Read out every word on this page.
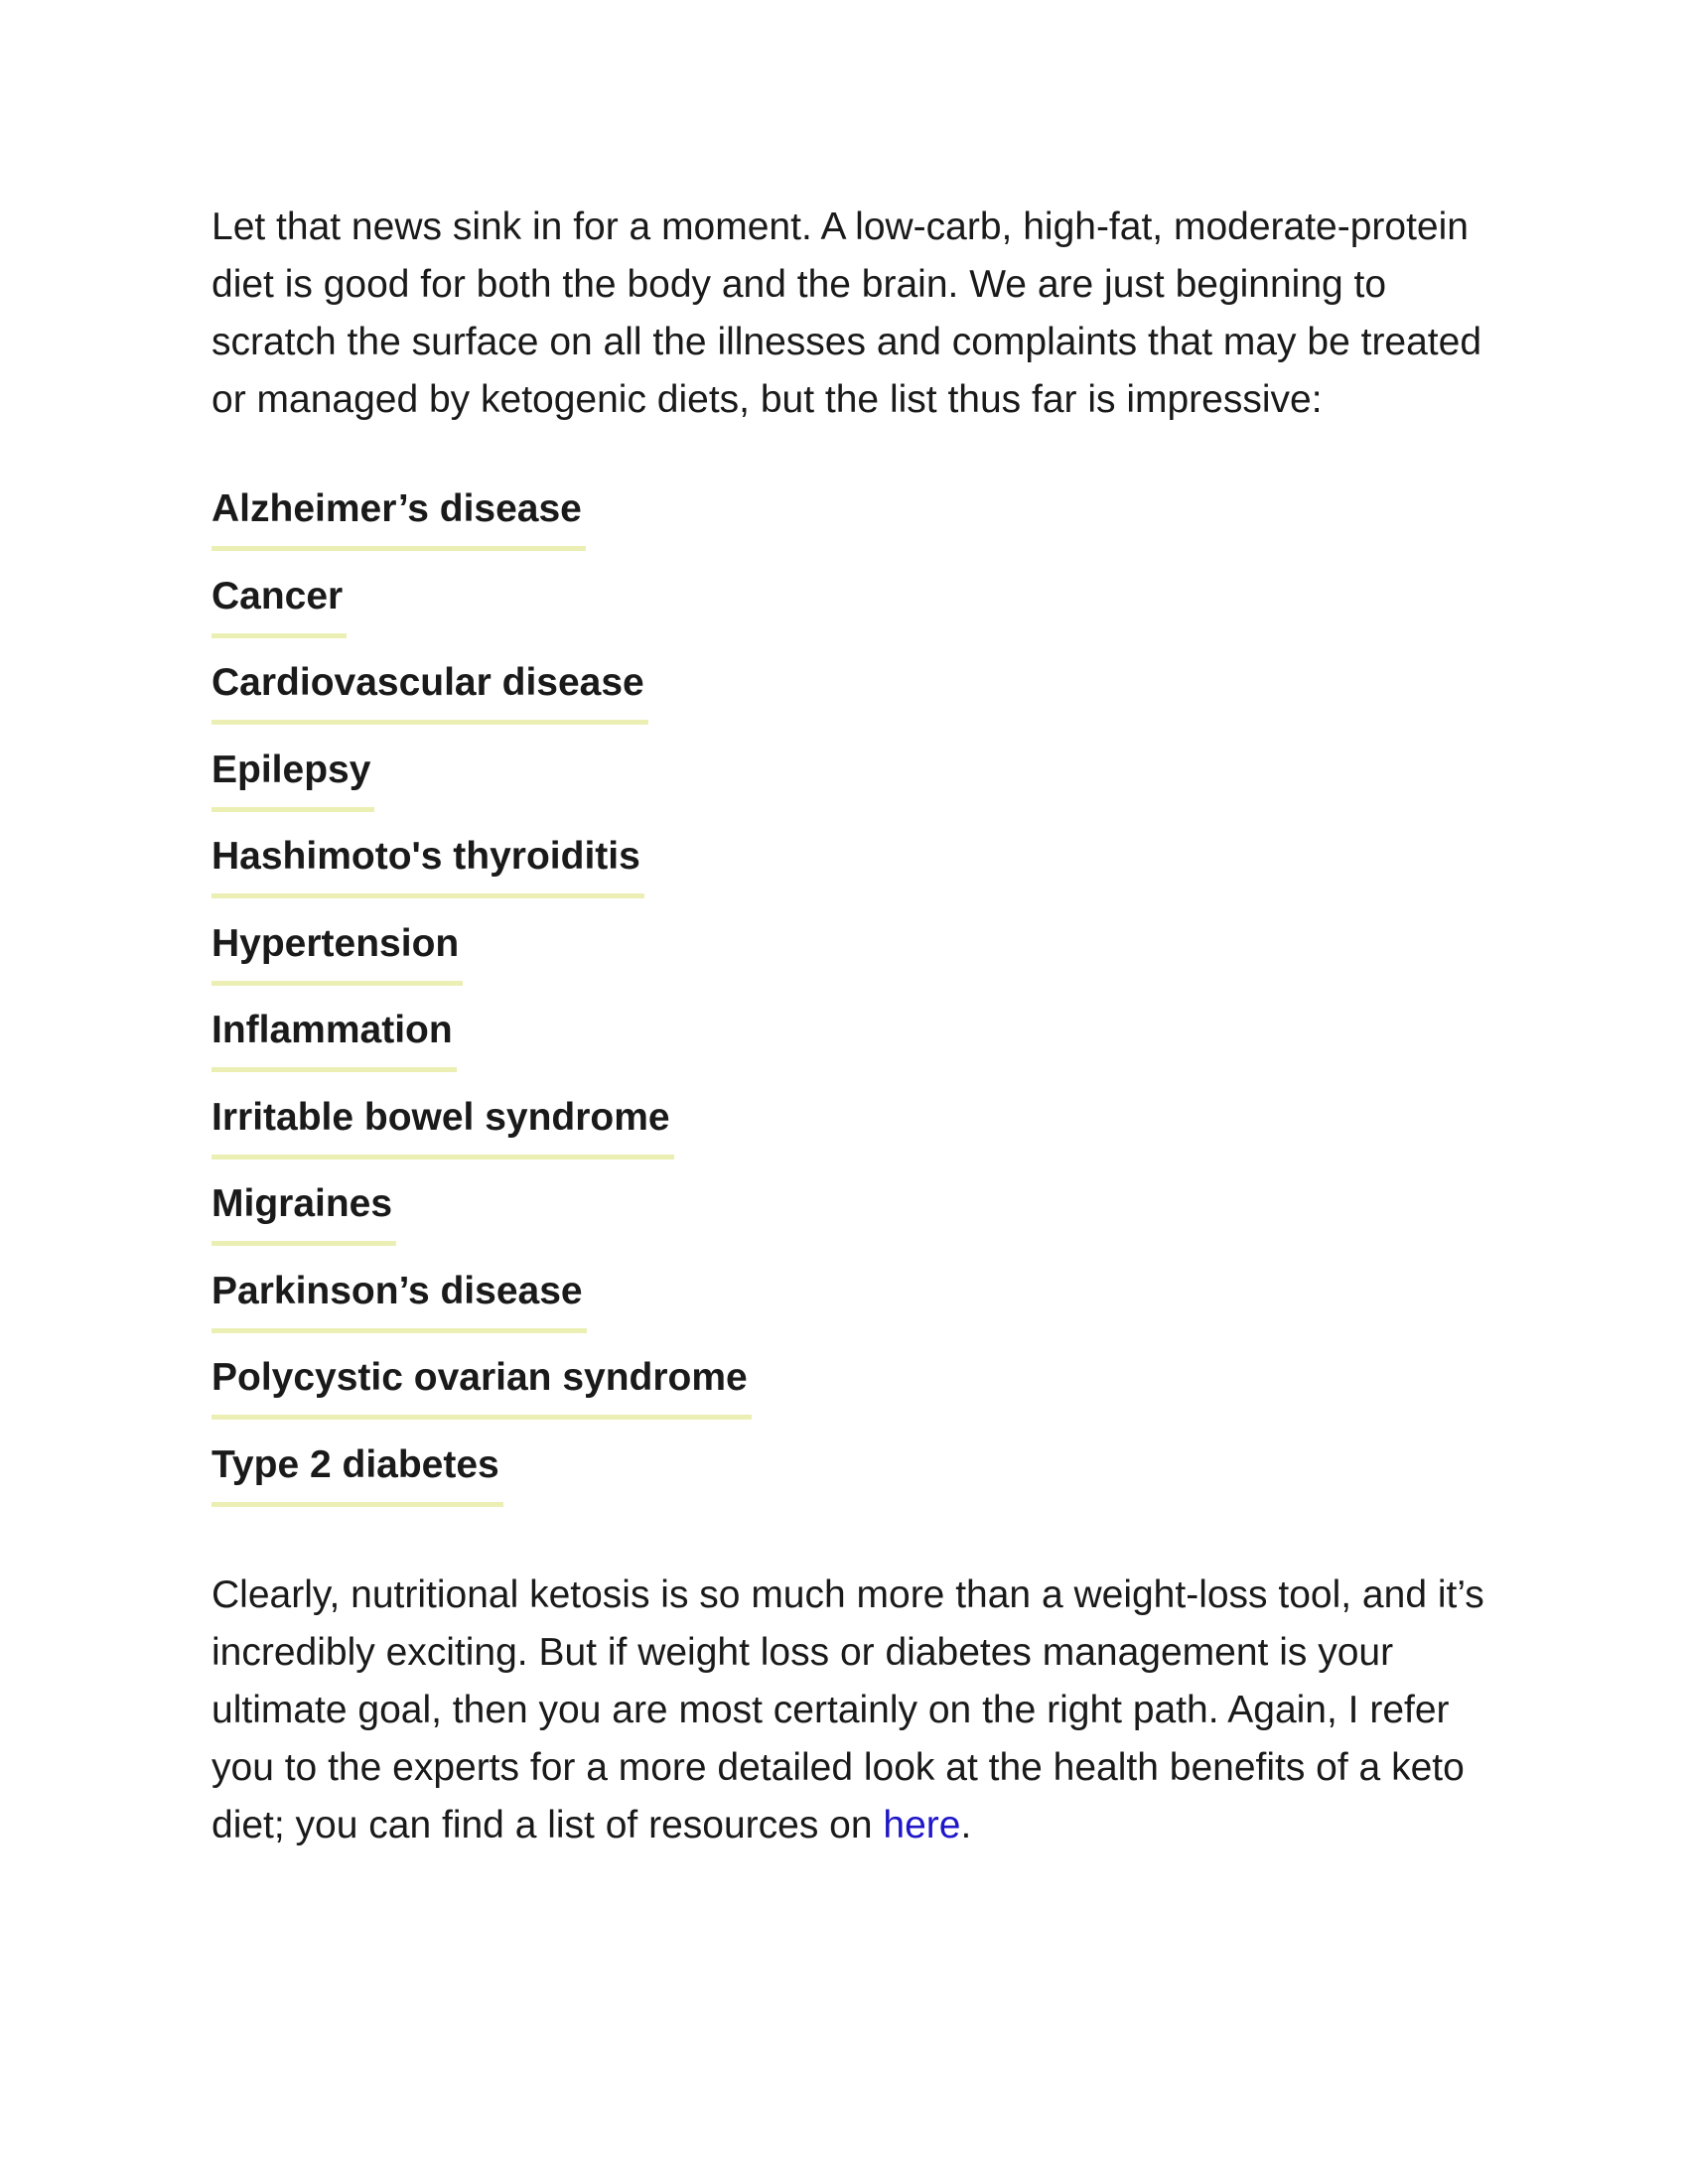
Let that news sink in for a moment. A low-carb, high-fat, moderate-protein diet is good for both the body and the brain. We are just beginning to scratch the surface on all the illnesses and complaints that may be treated or managed by ketogenic diets, but the list thus far is impressive:

Alzheimer’s disease
Cancer
Cardiovascular disease
Epilepsy
Hashimoto's thyroiditis
Hypertension
Inflammation
Irritable bowel syndrome
Migraines
Parkinson’s disease
Polycystic ovarian syndrome
Type 2 diabetes

Clearly, nutritional ketosis is so much more than a weight-loss tool, and it’s incredibly exciting. But if weight loss or diabetes management is your ultimate goal, then you are most certainly on the right path. Again, I refer you to the experts for a more detailed look at the health benefits of a keto diet; you can find a list of resources on here.
